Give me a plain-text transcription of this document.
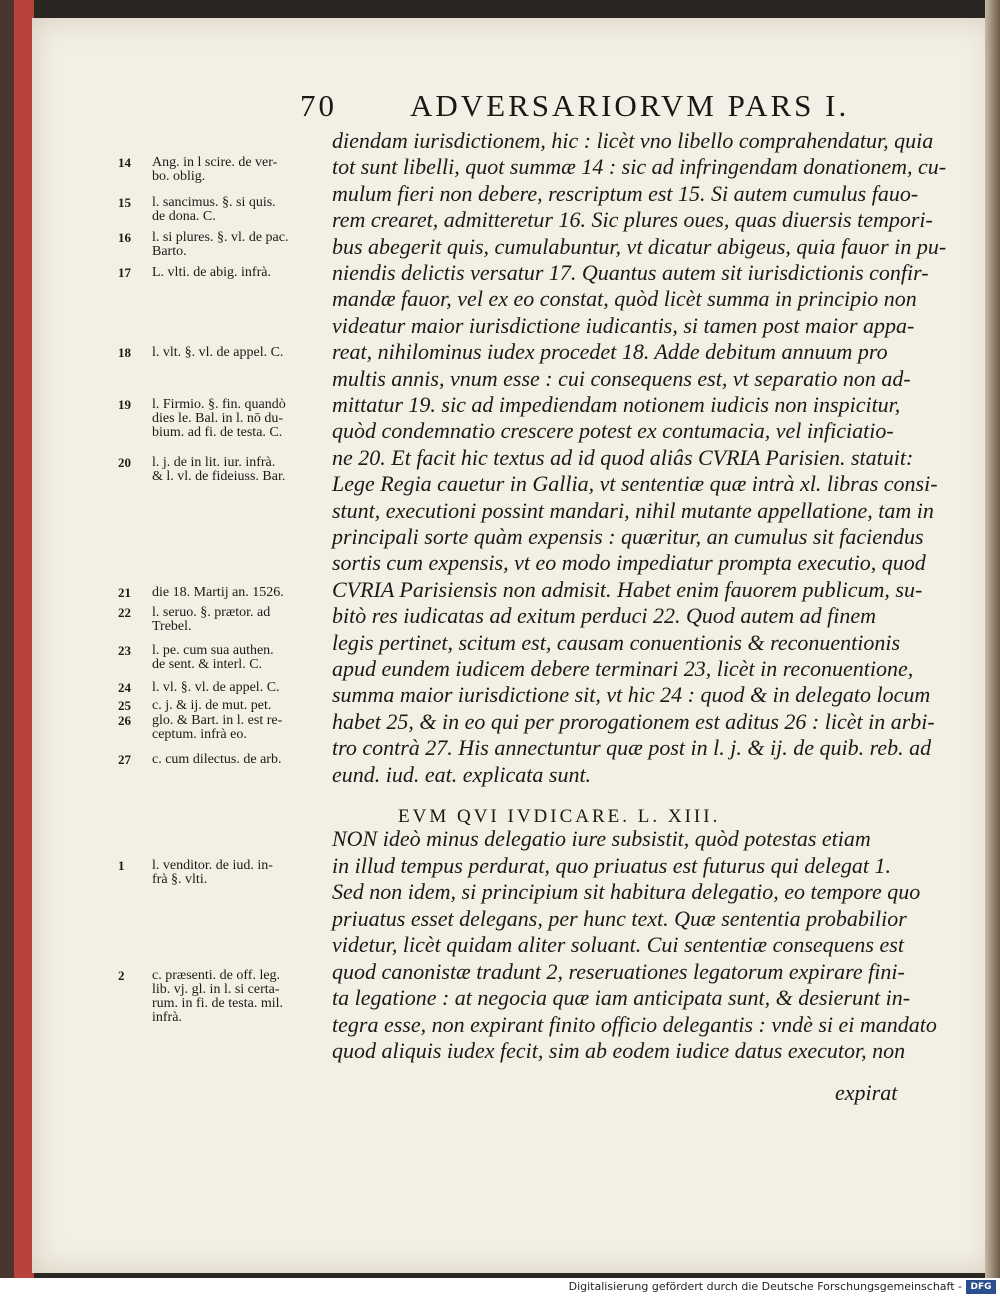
70 ADVERSARIORVM PARS I.
EVM QVI IVDICARE. L. XIII.
expirat
diendam iurisdictionem, hic : licèt vno libello comprahendatur, quia
tot sunt libelli, quot summæ 14 : sic ad infringendam donationem, cu-
mulum fieri non debere, rescriptum est 15. Si autem cumulus fauo-
rem crearet, admitteretur 16. Sic plures oues, quas diuersis tempori-
bus abegerit quis, cumulabuntur, vt dicatur abigeus, quia fauor in pu-
niendis delictis versatur 17. Quantus autem sit iurisdictionis confir-
mandæ fauor, vel ex eo constat, quòd licèt summa in principio non
videatur maior iurisdictione iudicantis, si tamen post maior appa-
reat, nihilominus iudex procedet 18. Adde debitum annuum pro
multis annis, vnum esse : cui consequens est, vt separatio non ad-
mittatur 19. sic ad impediendam notionem iudicis non inspicitur,
quòd condemnatio crescere potest ex contumacia, vel inficiatio-
ne 20. Et facit hic textus ad id quod aliâs CVRIA Parisien. statuit:
Lege Regia cauetur in Gallia, vt sententiæ quæ intrà xl. libras consi-
stunt, executioni possint mandari, nihil mutante appellatione, tam in
principali sorte quàm expensis : quæritur, an cumulus sit faciendus
sortis cum expensis, vt eo modo impediatur prompta executio, quod
CVRIA Parisiensis non admisit. Habet enim fauorem publicum, su-
bitò res iudicatas ad exitum perduci 22. Quod autem ad finem
legis pertinet, scitum est, causam conuentionis & reconuentionis
apud eundem iudicem debere terminari 23, licèt in reconuentione,
summa maior iurisdictione sit, vt hic 24 : quod & in delegato locum
habet 25, & in eo qui per prorogationem est aditus 26 : licèt in arbi-
tro contrà 27. His annectuntur quæ post in l. j. & ij. de quib. reb. ad
eund. iud. eat. explicata sunt.
NON ideò minus delegatio iure subsistit, quòd potestas etiam
in illud tempus perdurat, quo priuatus est futurus qui delegat 1.
Sed non idem, si principium sit habitura delegatio, eo tempore quo
priuatus esset delegans, per hunc text. Quæ sententia probabilior
videtur, licèt quidam aliter soluant. Cui sententiæ consequens est
quod canonistæ tradunt 2, reseruationes legatorum expirare fini-
ta legatione : at negocia quæ iam anticipata sunt, & desierunt in-
tegra esse, non expirant finito officio delegantis : vndè si ei mandato
quod aliquis iudex fecit, sim ab eodem iudice datus executor, non
14 Ang. in l scire. de ver-
bo. oblig.
15 l. sancimus. §. si quis.
de dona. C.
16 l. si plures. §. vl. de pac.
Barto.
17 L. vlti. de abig. infrà.
18 l. vlt. §. vl. de appel. C.
19 l. Firmio. §. fin. quandò
dies le. Bal. in l. nō du-
bium. ad fi. de testa. C.
20 l. j. de in lit. iur. infrà.
& l. vl. de fideiuss. Bar.
21 die 18. Martij an. 1526.
22 l. seruo. §. prætor. ad
Trebel.
23 l. pe. cum sua authen.
de sent. & interl. C.
24 l. vl. §. vl. de appel. C.
25 c. j. & ij. de mut. pet.
26 glo. & Bart. in l. est re-
ceptum. infrà eo.
27 c. cum dilectus. de arb.
1 l. venditor. de iud. in-
frà §. vlti.
2 c. præsenti. de off. leg.
lib. vj. gl. in l. si certa-
rum. in fi. de testa. mil.
infrà.
Digitalisierung gefördert durch die Deutsche Forschungsgemeinschaft - DFG
